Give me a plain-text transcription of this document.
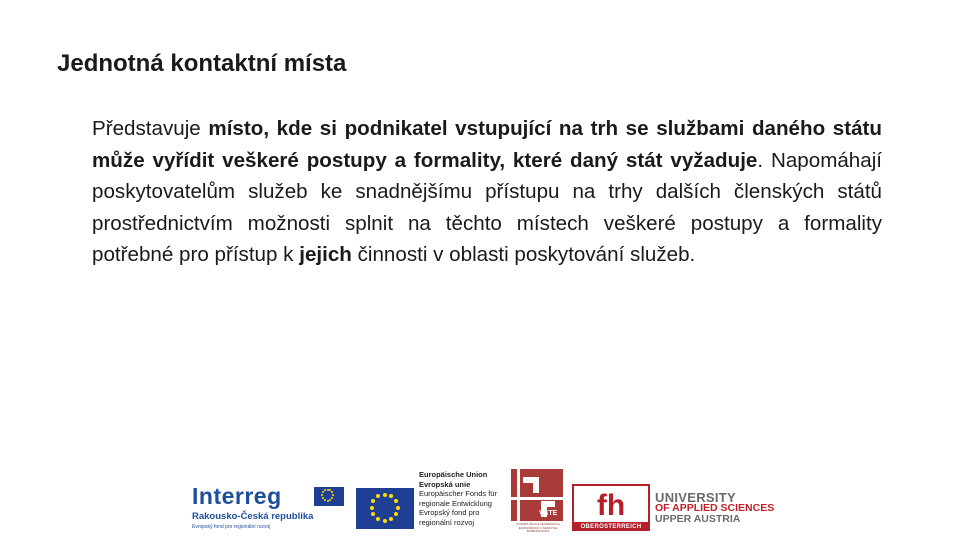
Jednotná kontaktní místa
Představuje místo, kde si podnikatel vstupující na trh se službami daného státu může vyřídit veškeré postupy a formality, které daný stát vyžaduje. Napomáhají poskytovatelům služeb ke snadnějšímu přístupu na trhy dalších členských států prostřednictvím možnosti splnit na těchto místech veškeré postupy a formality potřebné pro přístup k jejich činnosti v oblasti poskytování služeb.
Interreg
Rakousko-Česká republika
Evropský fond pro regionální rozvoj
Europäische Union
Evropská unie
Europäischer Fonds für
regionale Entwicklung
Evropský fond pro
regionální rozvoj
VŠTE
VYSOKÁ ŠKOLA TECHNICKÁ A EKONOMICKÁ V ČESKÝCH BUDĚJOVICÍCH
fh
OBERÖSTERREICH
UNIVERSITY
OF APPLIED SCIENCES
UPPER AUSTRIA
